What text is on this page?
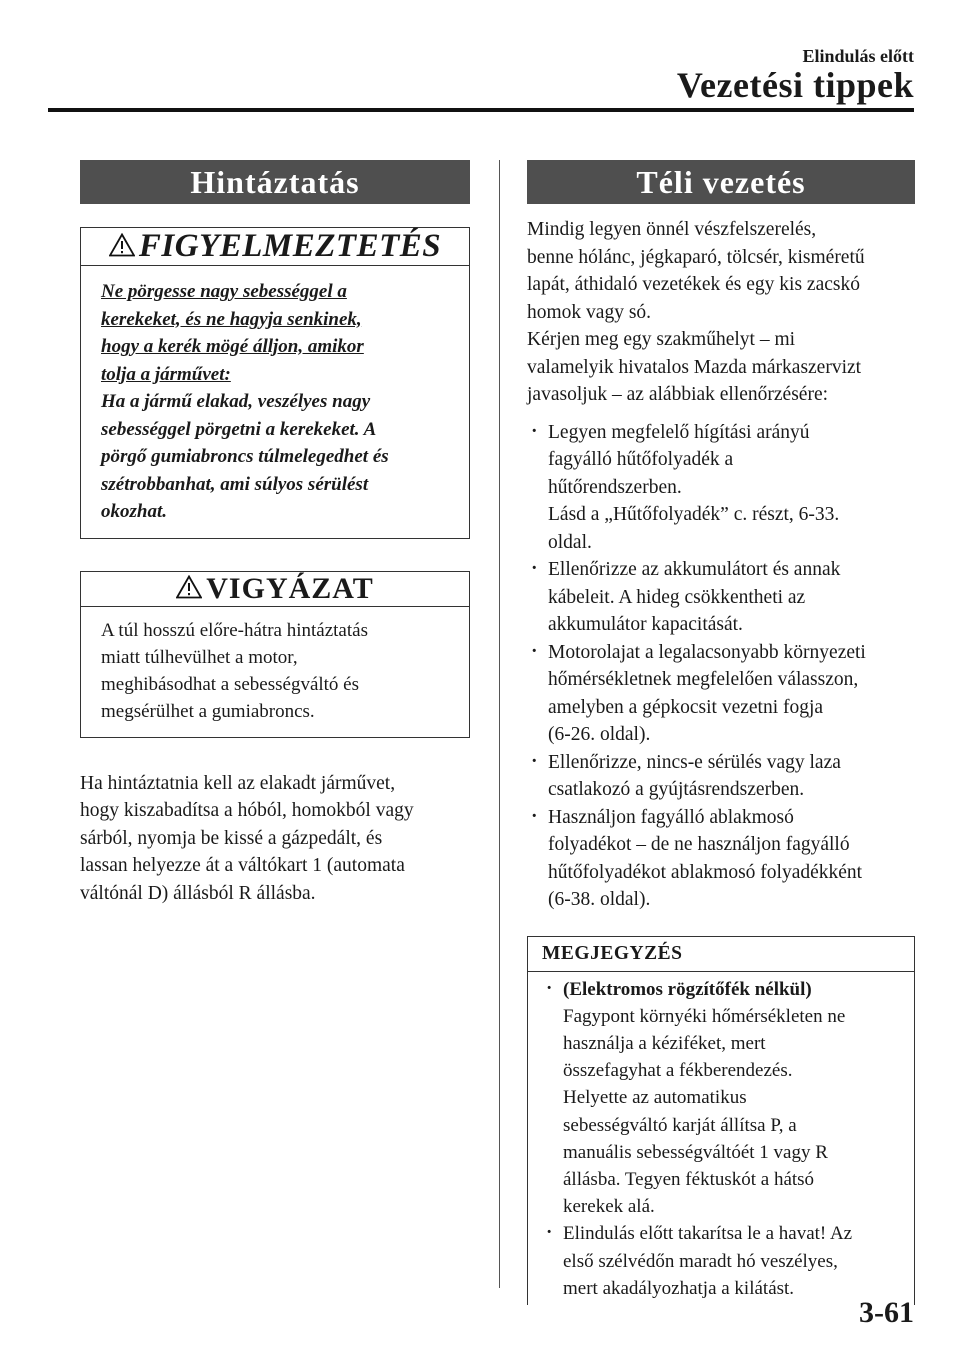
Elindulás előtt
Vezetési tippek
Hintáztatás
FIGYELMEZTETÉS
Ne pörgesse nagy sebességgel a
kerekeket, és ne hagyja senkinek,
hogy a kerék mögé álljon, amikor
tolja a járművet:
Ha a jármű elakad, veszélyes nagy
sebességgel pörgetni a kerekeket. A
pörgő gumiabroncs túlmelegedhet és
szétrobbanhat, ami súlyos sérülést
okozhat.
VIGYÁZAT
A túl hosszú előre-hátra hintáztatás
miatt túlhevülhet a motor,
meghibásodhat a sebességváltó és
megsérülhet a gumiabroncs.
Ha hintáztatnia kell az elakadt járművet,
hogy kiszabadítsa a hóból, homokból vagy
sárból, nyomja be kissé a gázpedált, és
lassan helyezze át a váltókart 1 (automata
váltónál D) állásból R állásba.
Téli vezetés
Mindig legyen önnél vészfelszerelés,
benne hólánc, jégkaparó, tölcsér, kisméretű
lapát, áthidaló vezetékek és egy kis zacskó
homok vagy só.
Kérjen meg egy szakműhelyt – mi
valamelyik hivatalos Mazda márkaszervizt
javasoljuk – az alábbiak ellenőrzésére:
· Legyen megfelelő hígítási arányú
fagyálló hűtőfolyadék a
hűtőrendszerben.
Lásd a „Hűtőfolyadék” c. részt, 6-33.
oldal.
· Ellenőrizze az akkumulátort és annak
kábeleit. A hideg csökkentheti az
akkumulátor kapacitását.
· Motorolajat a legalacsonyabb környezeti
hőmérsékletnek megfelelően válasszon,
amelyben a gépkocsit vezetni fogja
(6-26. oldal).
· Ellenőrizze, nincs-e sérülés vagy laza
csatlakozó a gyújtásrendszerben.
· Használjon fagyálló ablakmosó
folyadékot – de ne használjon fagyálló
hűtőfolyadékot ablakmosó folyadékként
(6-38. oldal).
MEGJEGYZÉS
· (Elektromos rögzítőfék nélkül)
Fagypont környéki hőmérsékleten ne
használja a kéziféket, mert
összefagyhat a fékberendezés.
Helyette az automatikus
sebességváltó karját állítsa P, a
manuális sebességváltóét 1 vagy R
állásba. Tegyen féktuskót a hátsó
kerekek alá.
· Elindulás előtt takarítsa le a havat! Az
első szélvédőn maradt hó veszélyes,
mert akadályozhatja a kilátást.
3-61
